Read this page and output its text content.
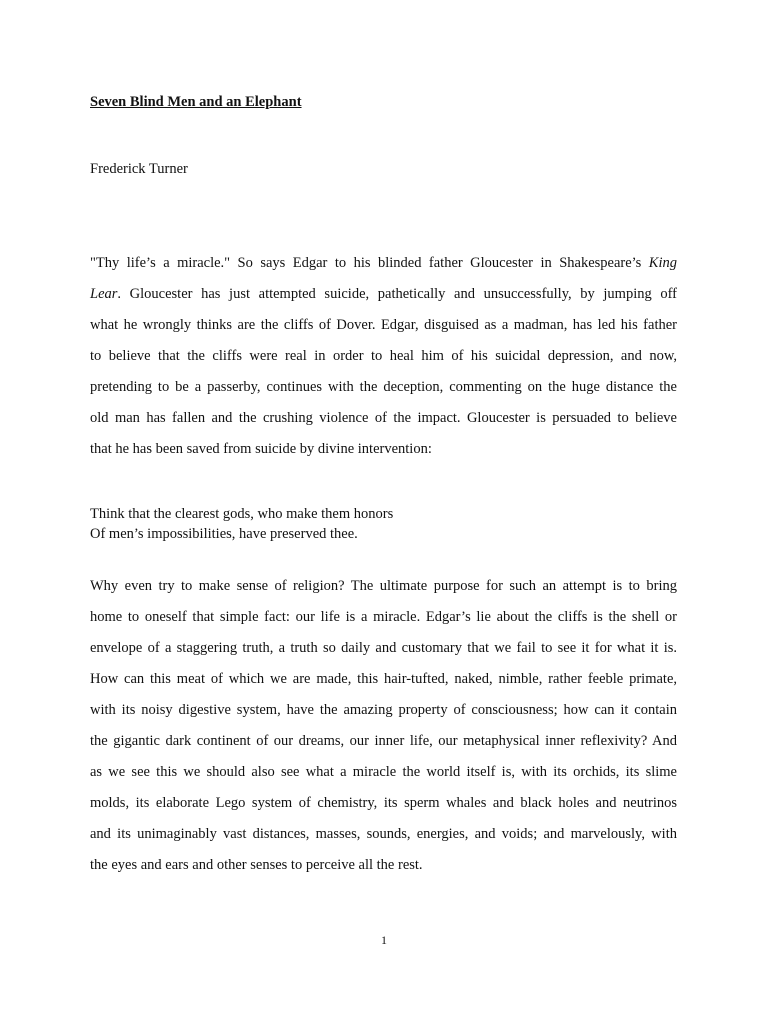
Seven Blind Men and an Elephant
Frederick Turner
"Thy life’s a miracle." So says Edgar to his blinded father Gloucester in Shakespeare’s King
Lear. Gloucester has just attempted suicide, pathetically and unsuccessfully, by jumping off
what he wrongly thinks are the cliffs of Dover. Edgar, disguised as a madman, has led his father
to believe that the cliffs were real in order to heal him of his suicidal depression, and now,
pretending to be a passerby, continues with the deception, commenting on the huge distance the
old man has fallen and the crushing violence of the impact. Gloucester is persuaded to believe
that he has been saved from suicide by divine intervention:
Think that the clearest gods, who make them honors
Of men’s impossibilities, have preserved thee.
Why even try to make sense of religion? The ultimate purpose for such an attempt is to bring
home to oneself that simple fact: our life is a miracle. Edgar’s lie about the cliffs is the shell or
envelope of a staggering truth, a truth so daily and customary that we fail to see it for what it is.
How can this meat of which we are made, this hair-tufted, naked, nimble, rather feeble primate,
with its noisy digestive system, have the amazing property of consciousness; how can it contain
the gigantic dark continent of our dreams, our inner life, our metaphysical inner reflexivity? And
as we see this we should also see what a miracle the world itself is, with its orchids, its slime
molds, its elaborate Lego system of chemistry, its sperm whales and black holes and neutrinos
and its unimaginably vast distances, masses, sounds, energies, and voids; and marvelously, with
the eyes and ears and other senses to perceive all the rest.
1
